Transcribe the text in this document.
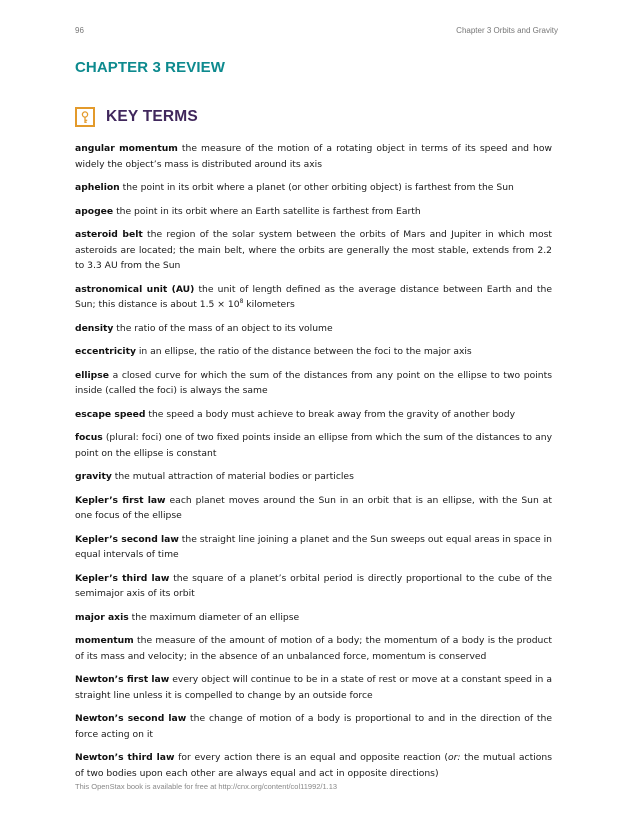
96	Chapter 3 Orbits and Gravity
CHAPTER 3 REVIEW
KEY TERMS

angular momentum the measure of the motion of a rotating object in terms of its speed and how widely the object’s mass is distributed around its axis

aphelion the point in its orbit where a planet (or other orbiting object) is farthest from the Sun

apogee the point in its orbit where an Earth satellite is farthest from Earth

asteroid belt the region of the solar system between the orbits of Mars and Jupiter in which most asteroids are located; the main belt, where the orbits are generally the most stable, extends from 2.2 to 3.3 AU from the Sun

astronomical unit (AU) the unit of length defined as the average distance between Earth and the Sun; this distance is about $1.5 \times 10^8$ kilometers

density the ratio of the mass of an object to its volume

eccentricity in an ellipse, the ratio of the distance between the foci to the major axis

ellipse a closed curve for which the sum of the distances from any point on the ellipse to two points inside (called the foci) is always the same

escape speed the speed a body must achieve to break away from the gravity of another body

focus (plural: foci) one of two fixed points inside an ellipse from which the sum of the distances to any point on the ellipse is constant

gravity the mutual attraction of material bodies or particles

Kepler’s first law each planet moves around the Sun in an orbit that is an ellipse, with the Sun at one focus of the ellipse

Kepler’s second law the straight line joining a planet and the Sun sweeps out equal areas in space in equal intervals of time

Kepler’s third law the square of a planet’s orbital period is directly proportional to the cube of the semimajor axis of its orbit

major axis the maximum diameter of an ellipse

momentum the measure of the amount of motion of a body; the momentum of a body is the product of its mass and velocity; in the absence of an unbalanced force, momentum is conserved

Newton’s first law every object will continue to be in a state of rest or move at a constant speed in a straight line unless it is compelled to change by an outside force

Newton’s second law the change of motion of a body is proportional to and in the direction of the force acting on it

Newton’s third law for every action there is an equal and opposite reaction (or: the mutual actions of two bodies upon each other are always equal and act in opposite directions)

This OpenStax book is available for free at http://cnx.org/content/col11992/1.13
